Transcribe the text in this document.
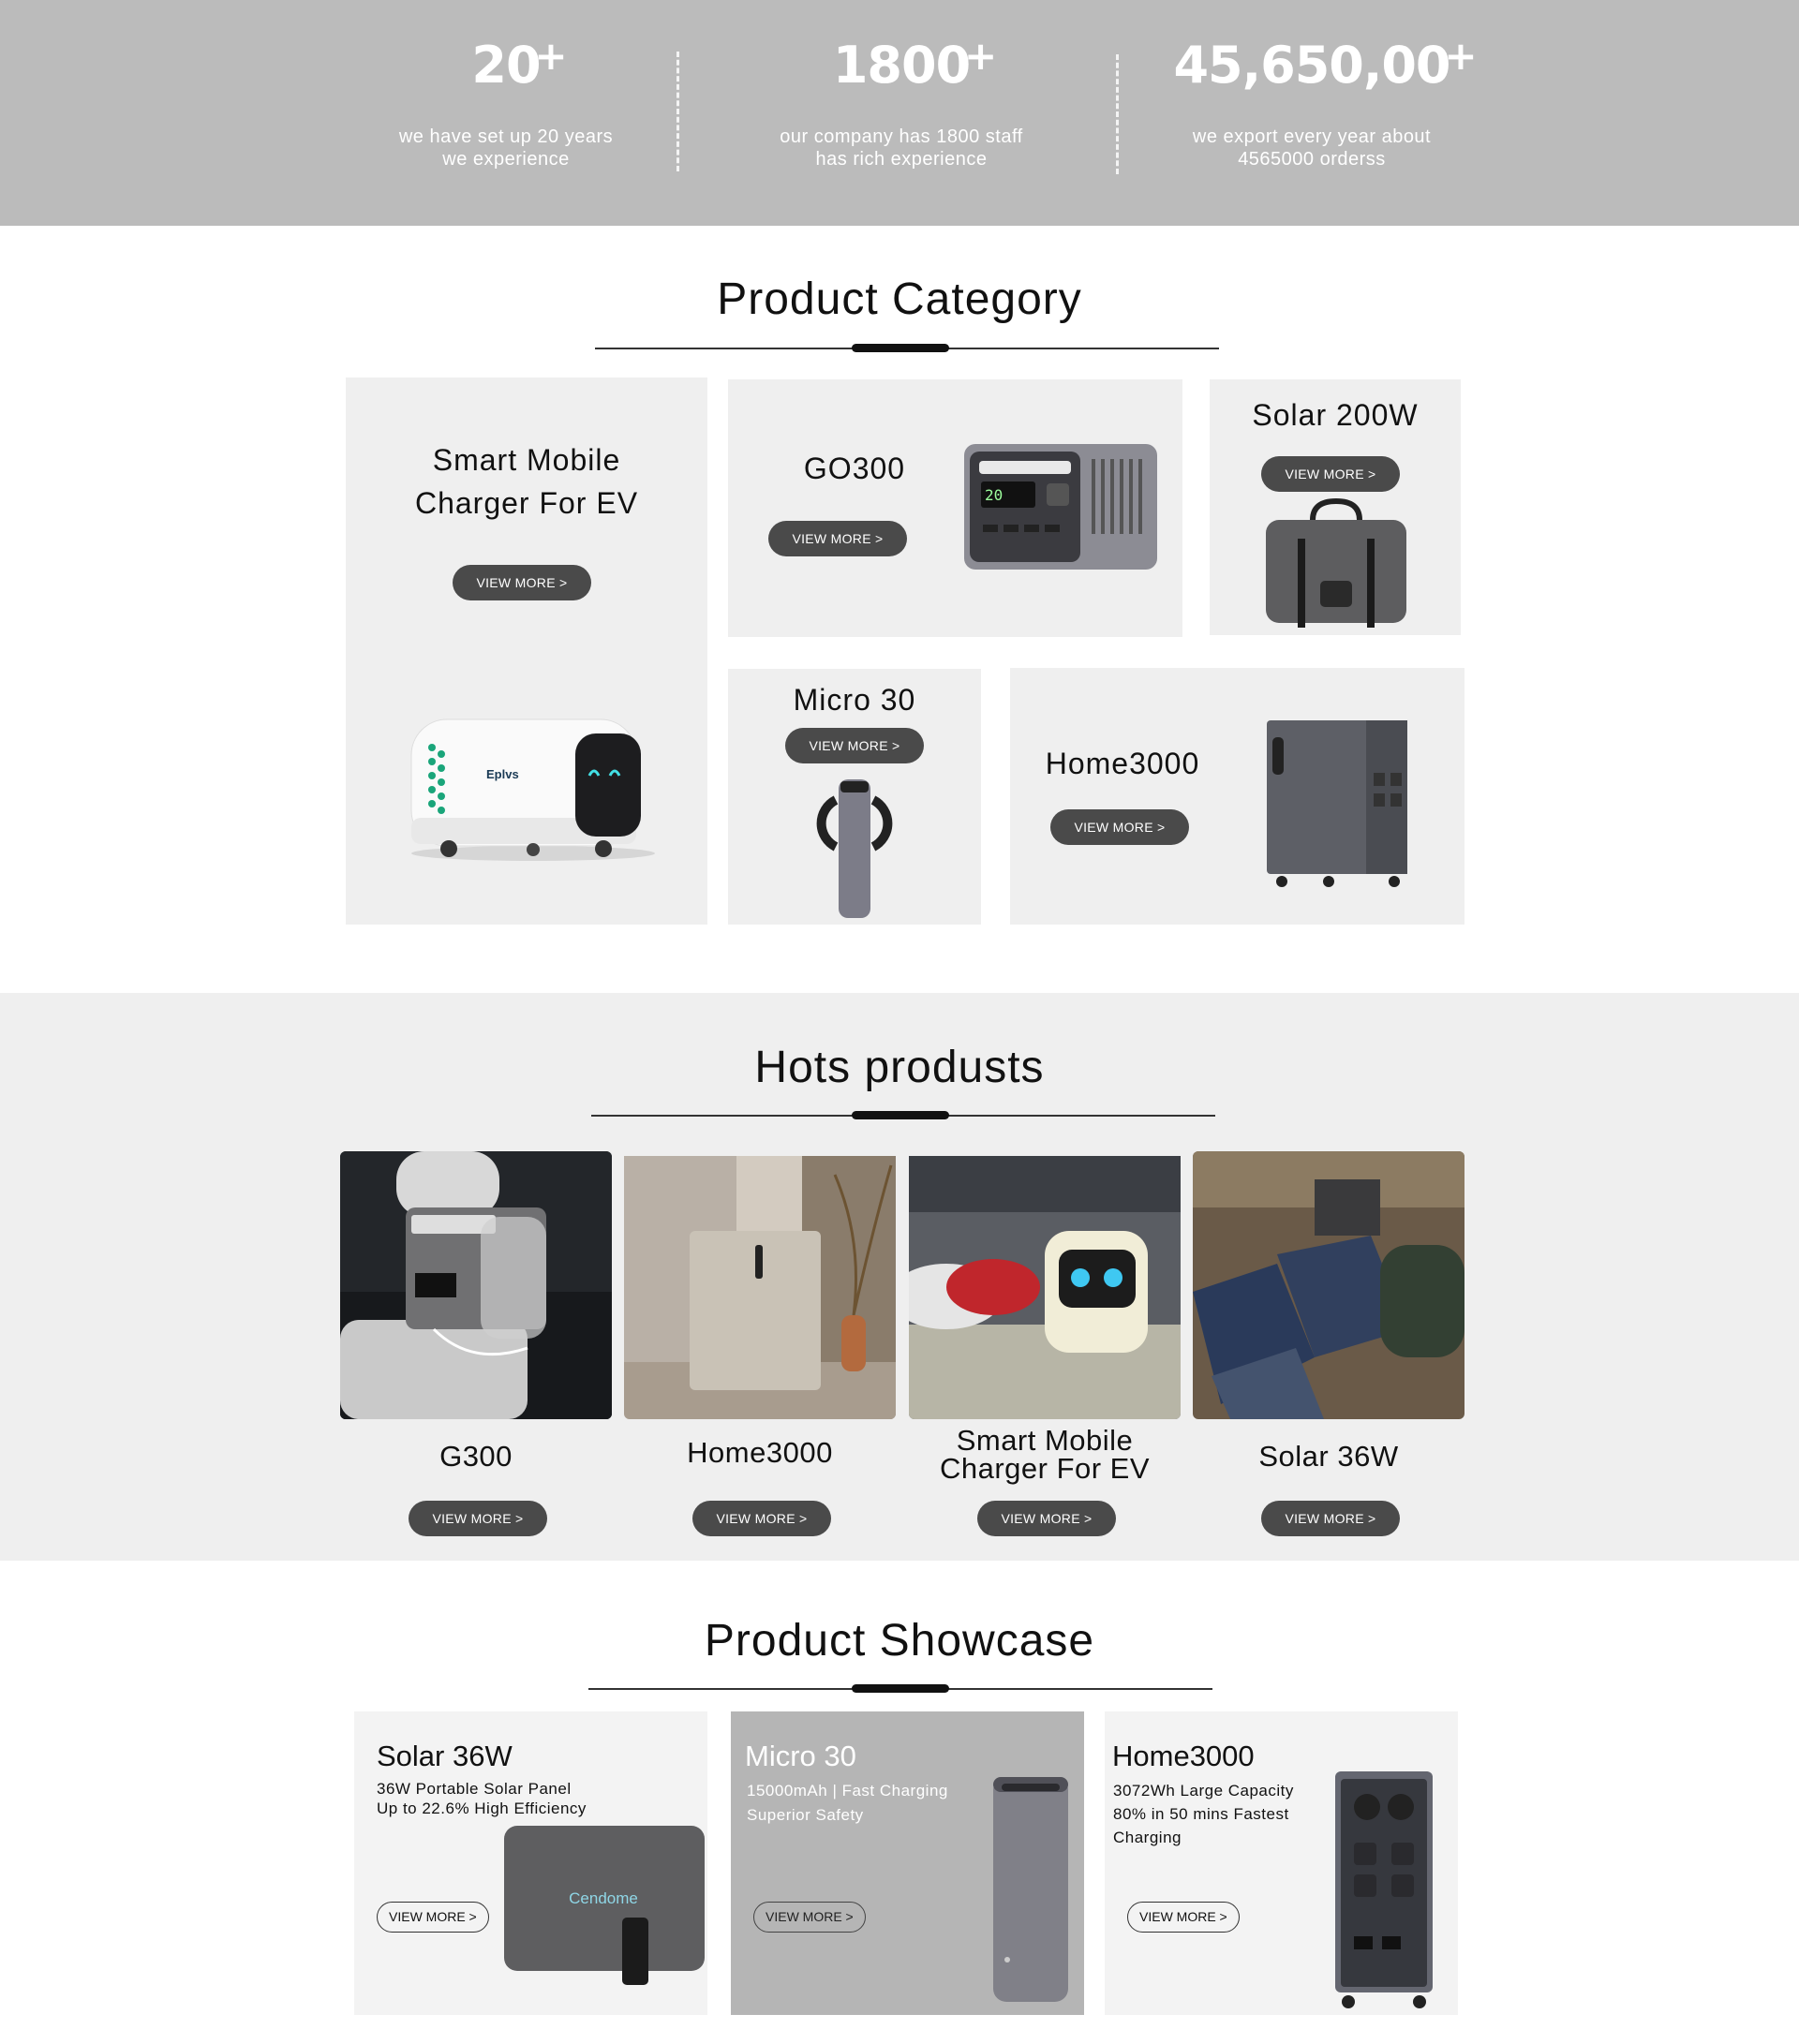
20
+
we have set up 20 years
we experience
1800
+
our company has 1800 staff
has rich experience
45,650,00
+
we export every year about
4565000 orderss
Product Category
Smart Mobile
Charger For EV
VIEW MORE >
Eplvs
GO300
VIEW MORE >
20
Solar 200W
VIEW MORE >
Micro 30
VIEW MORE >
Home3000
VIEW MORE >
Hots produsts
G300
VIEW MORE >
Home3000
VIEW MORE >
Smart Mobile
Charger For EV
VIEW MORE >
Solar 36W
VIEW MORE >
Product Showcase
Solar 36W
36W Portable Solar Panel
Up to 22.6% High Efficiency
VIEW MORE >
Cendome
Micro 30
15000mAh | Fast Charging
Superior Safety
VIEW MORE >
Home3000
3072Wh Large Capacity
80% in 50 mins Fastest
Charging
VIEW MORE >
